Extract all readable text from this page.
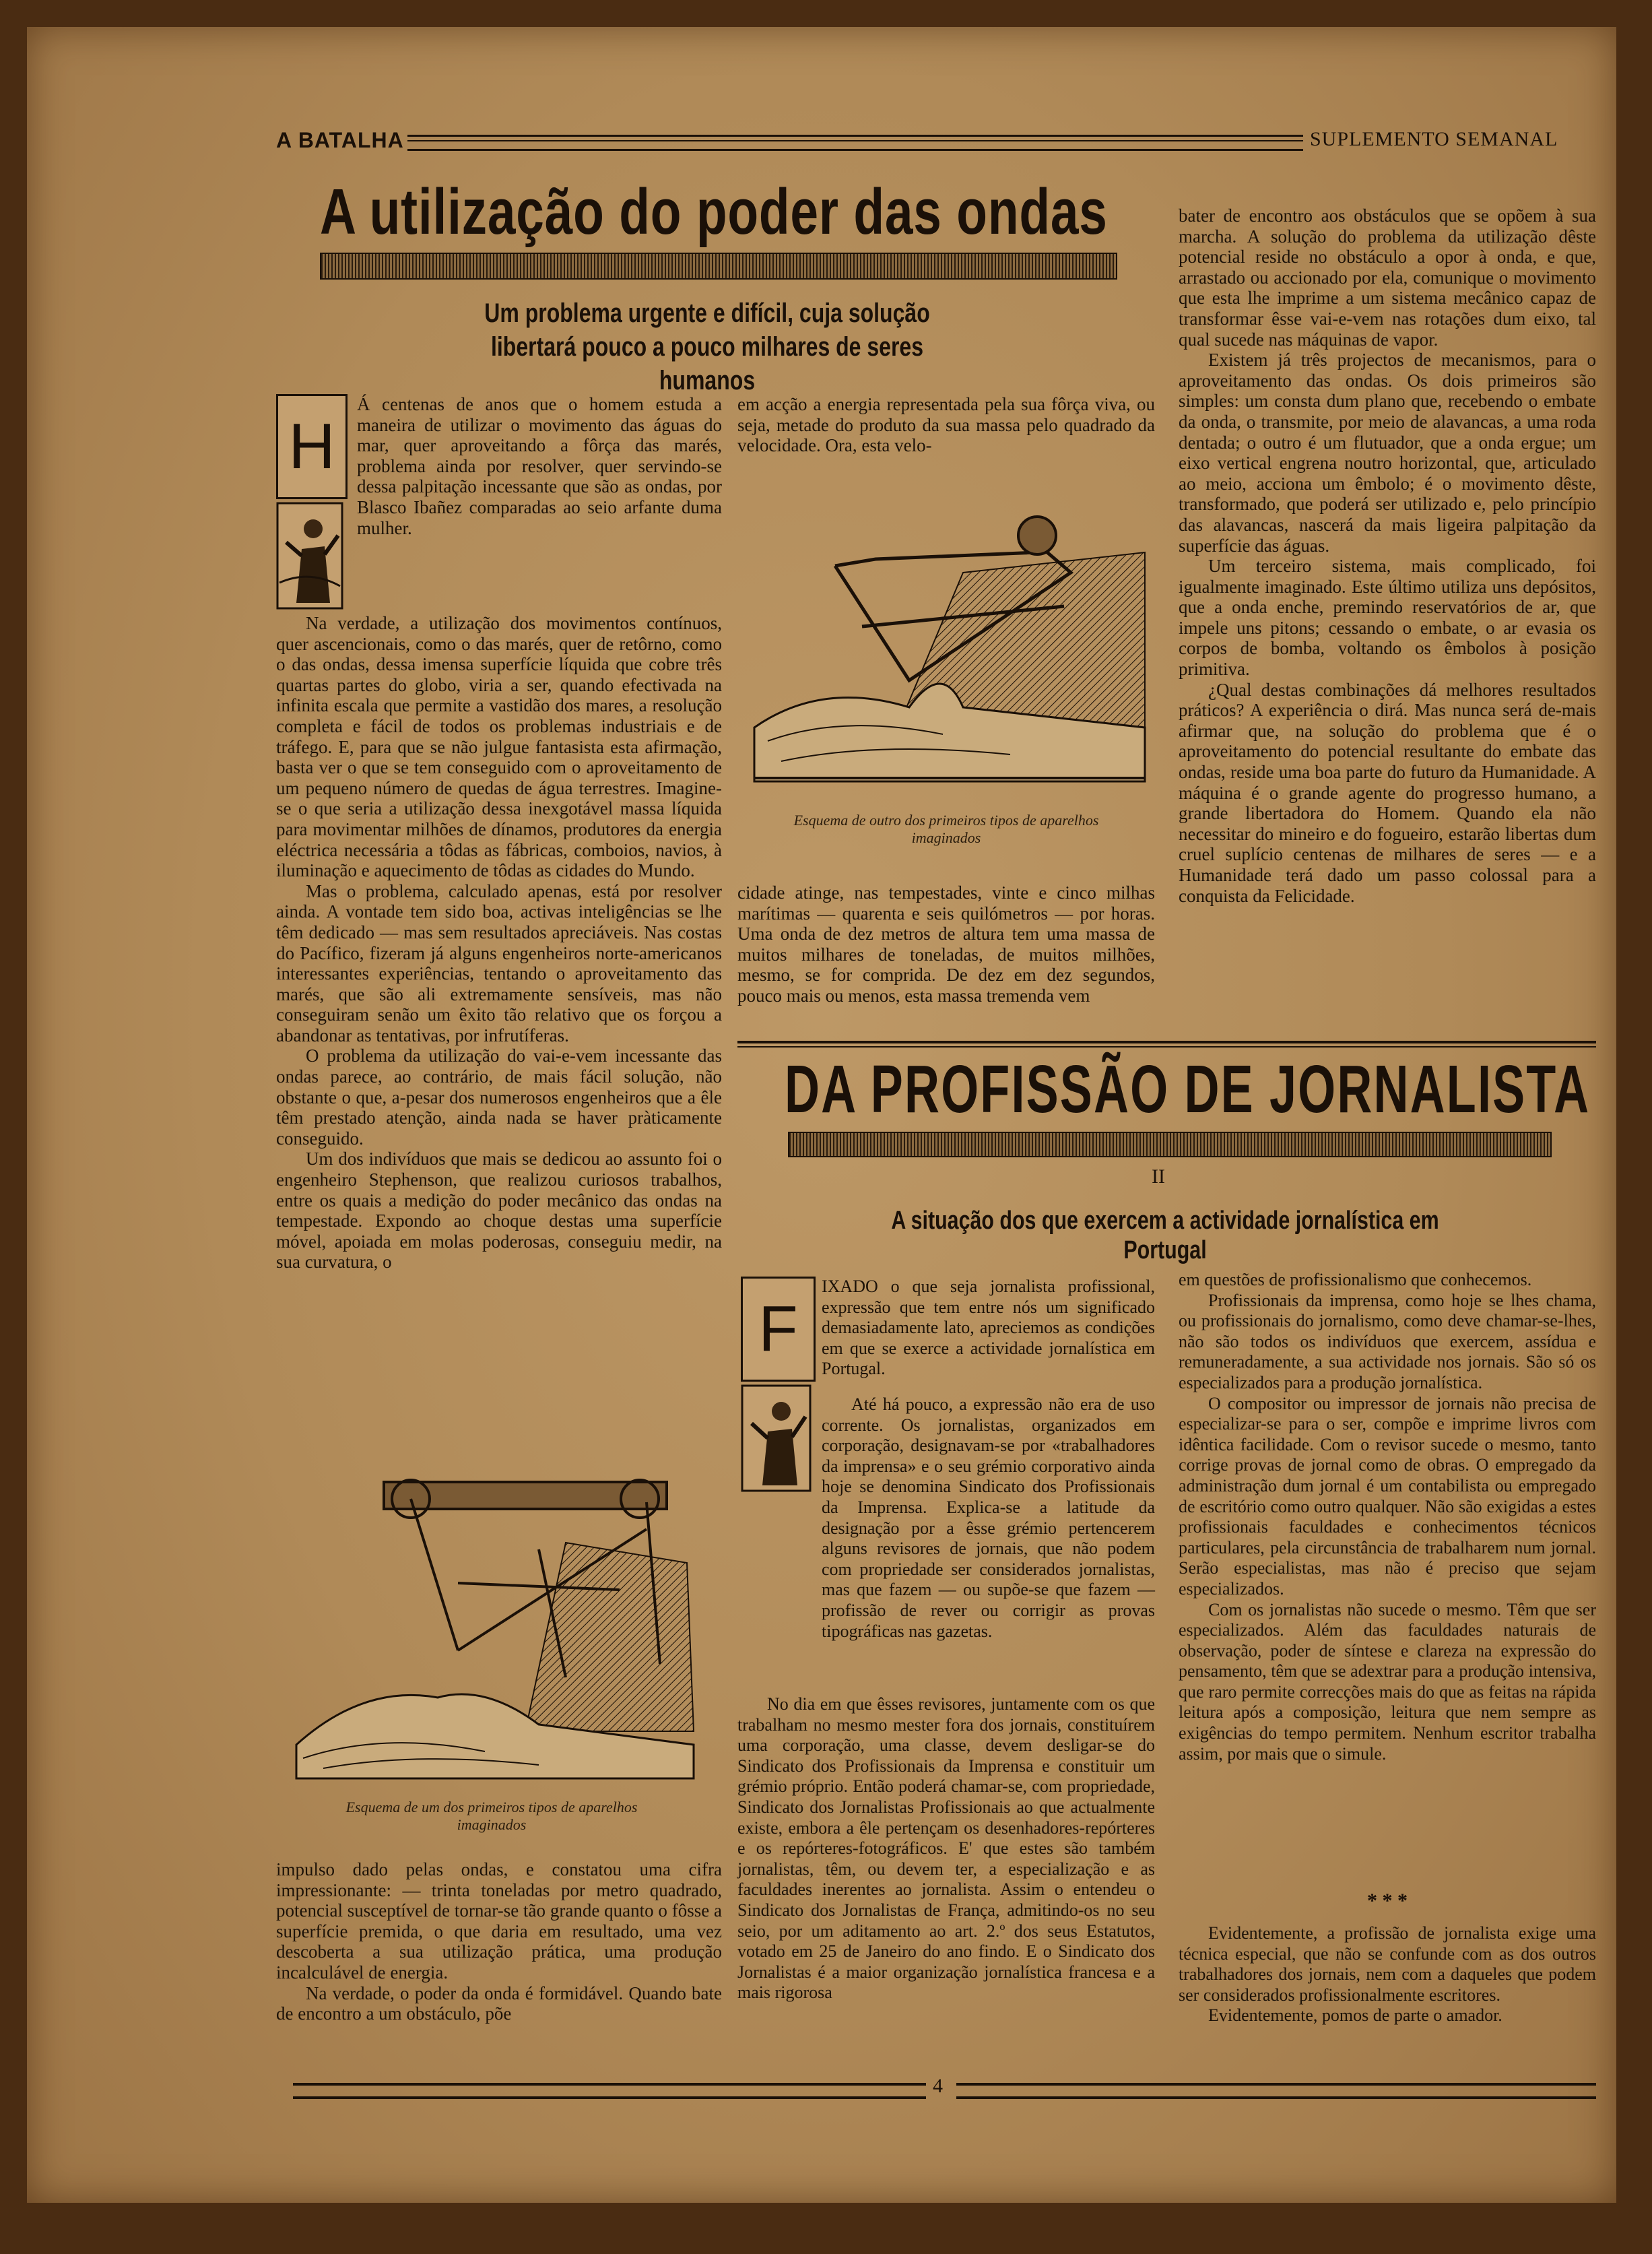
A BATALHA	SUPLEMENTO SEMANAL
A utilização do poder das ondas
Um problema urgente e difícil, cuja solução libertará pouco a pouco milhares de seres humanos
H

Á centenas de anos que o homem estuda a maneira de utilizar o movimento das águas do mar, quer aproveitando a fôrça das marés, problema ainda por resolver, quer servindo-se dessa palpitação incessante que são as ondas, por Blasco Ibañez comparadas ao seio arfante duma mulher.

Na verdade, a utilização dos movimentos contínuos, quer ascencionais, como o das marés, quer de retôrno, como o das ondas, dessa imensa superfície líquida que cobre três quartas partes do globo, viria a ser, quando efectivada na infinita escala que permite a vastidão dos mares, a resolução completa e fácil de todos os problemas industriais e de tráfego. E, para que se não julgue fantasista esta afirmação, basta ver o que se tem conseguido com o aproveitamento de um pequeno número de quedas de água terrestres. Imagine-se o que seria a utilização dessa inexgotável massa líquida para movimentar milhões de dínamos, produtores da energia eléctrica necessária a tôdas as fábricas, comboios, navios, à iluminação e aquecimento de tôdas as cidades do Mundo.

Mas o problema, calculado apenas, está por resolver ainda. A vontade tem sido boa, activas inteligências se lhe têm dedicado — mas sem resultados apreciáveis. Nas costas do Pacífico, fizeram já alguns engenheiros norte-americanos interessantes experiências, tentando o aproveitamento das marés, que são ali extremamente sensíveis, mas não conseguiram senão um êxito tão relativo que os forçou a abandonar as tentativas, por infrutíferas.

O problema da utilização do vai-e-vem incessante das ondas parece, ao contrário, de mais fácil solução, não obstante o que, a-pesar dos numerosos engenheiros que a êle têm prestado atenção, ainda nada se haver pràticamente conseguido.

Um dos indivíduos que mais se dedicou ao assunto foi o engenheiro Stephenson, que realizou curiosos trabalhos, entre os quais a medição do poder mecânico das ondas na tempestade. Expondo ao choque destas uma superfície móvel, apoiada em molas poderosas, conseguiu medir, na sua curvatura, o

Esquema de um dos primeiros tipos de aparelhos imaginados

impulso dado pelas ondas, e constatou uma cifra impressionante: — trinta toneladas por metro quadrado, potencial susceptível de tornar-se tão grande quanto o fôsse a superfície premida, o que daria em resultado, uma vez descoberta a sua utilização prática, uma produção incalculável de energia.

Na verdade, o poder da onda é formidável. Quando bate de encontro a um obstáculo, põe

em acção a energia representada pela sua fôrça viva, ou seja, metade do produto da sua massa pelo quadrado da velocidade. Ora, esta velo-

Esquema de outro dos primeiros tipos de aparelhos imaginados

cidade atinge, nas tempestades, vinte e cinco milhas marítimas — quarenta e seis quilómetros — por horas. Uma onda de dez metros de altura tem uma massa de muitos milhares de toneladas, de muitos milhões, mesmo, se for comprida. De dez em dez segundos, pouco mais ou menos, esta massa tremenda vem

bater de encontro aos obstáculos que se opõem à sua marcha. A solução do problema da utilização dêste potencial reside no obstáculo a opor à onda, e que, arrastado ou accionado por ela, comunique o movimento que esta lhe imprime a um sistema mecânico capaz de transformar êsse vai-e-vem nas rotações dum eixo, tal qual sucede nas máquinas de vapor.

Existem já três projectos de mecanismos, para o aproveitamento das ondas. Os dois primeiros são simples: um consta dum plano que, recebendo o embate da onda, o transmite, por meio de alavancas, a uma roda dentada; o outro é um flutuador, que a onda ergue; um eixo vertical engrena noutro horizontal, que, articulado ao meio, acciona um êmbolo; é o movimento dêste, transformado, que poderá ser utilizado e, pelo princípio das alavancas, nascerá da mais ligeira palpitação da superfície das águas.

Um terceiro sistema, mais complicado, foi igualmente imaginado. Este último utiliza uns depósitos, que a onda enche, premindo reservatórios de ar, que impele uns pitons; cessando o embate, o ar evasia os corpos de bomba, voltando os êmbolos à posição primitiva.

¿Qual destas combinações dá melhores resultados práticos? A experiência o dirá. Mas nunca será de-mais afirmar que, na solução do problema que é o aproveitamento do potencial resultante do embate das ondas, reside uma boa parte do futuro da Humanidade. A máquina é o grande agente do progresso humano, a grande libertadora do Homem. Quando ela não necessitar do mineiro e do fogueiro, estarão libertas dum cruel suplício centenas de milhares de seres — e a Humanidade terá dado um passo colossal para a conquista da Felicidade.

DA PROFISSÃO DE JORNALISTA
II
A situação dos que exercem a actividade jornalística em Portugal
F

IXADO o que seja jornalista profissional, expressão que tem entre nós um significado demasiadamente lato, apreciemos as condições em que se exerce a actividade jornalística em Portugal.

Até há pouco, a expressão não era de uso corrente. Os jornalistas, organizados em corporação, designavam-se por «trabalhadores da imprensa» e o seu grémio corporativo ainda hoje se denomina Sindicato dos Profissionais da Imprensa. Explica-se a latitude da designação por a êsse grémio pertencerem alguns revisores de jornais, que não podem com propriedade ser considerados jornalistas, mas que fazem — ou supõe-se que fazem — profissão de rever ou corrigir as provas tipográficas nas gazetas.

No dia em que êsses revisores, juntamente com os que trabalham no mesmo mester fora dos jornais, constituírem uma corporação, uma classe, devem desligar-se do Sindicato dos Profissionais da Imprensa e constituir um grémio próprio. Então poderá chamar-se, com propriedade, Sindicato dos Jornalistas Profissionais ao que actualmente existe, embora a êle pertençam os desenhadores-repórteres e os repórteres-fotográficos. E' que estes são também jornalistas, têm, ou devem ter, a especialização e as faculdades inerentes ao jornalista. Assim o entendeu o Sindicato dos Jornalistas de França, admitindo-os no seu seio, por um aditamento ao art. 2.º dos seus Estatutos, votado em 25 de Janeiro do ano findo. E o Sindicato dos Jornalistas é a maior organização jornalística francesa e a mais rigorosa

em questões de profissionalismo que conhecemos.

Profissionais da imprensa, como hoje se lhes chama, ou profissionais do jornalismo, como deve chamar-se-lhes, não são todos os indivíduos que exercem, assídua e remuneradamente, a sua actividade nos jornais. São só os especializados para a produção jornalística.

O compositor ou impressor de jornais não precisa de especializar-se para o ser, compõe e imprime livros com idêntica facilidade. Com o revisor sucede o mesmo, tanto corrige provas de jornal como de obras. O empregado da administração dum jornal é um contabilista ou empregado de escritório como outro qualquer. Não são exigidas a estes profissionais faculdades e conhecimentos técnicos particulares, pela circunstância de trabalharem num jornal. Serão especialistas, mas não é preciso que sejam especializados.

Com os jornalistas não sucede o mesmo. Têm que ser especializados. Além das faculdades naturais de observação, poder de síntese e clareza na expressão do pensamento, têm que se adextrar para a produção intensiva, que raro permite correcções mais do que as feitas na rápida leitura após a composição, leitura que nem sempre as exigências do tempo permitem. Nenhum escritor trabalha assim, por mais que o simule.

* * *

Evidentemente, a profissão de jornalista exige uma técnica especial, que não se confunde com as dos outros trabalhadores dos jornais, nem com a daqueles que podem ser considerados profissionalmente escritores.

Evidentemente, pomos de parte o amador.

4
